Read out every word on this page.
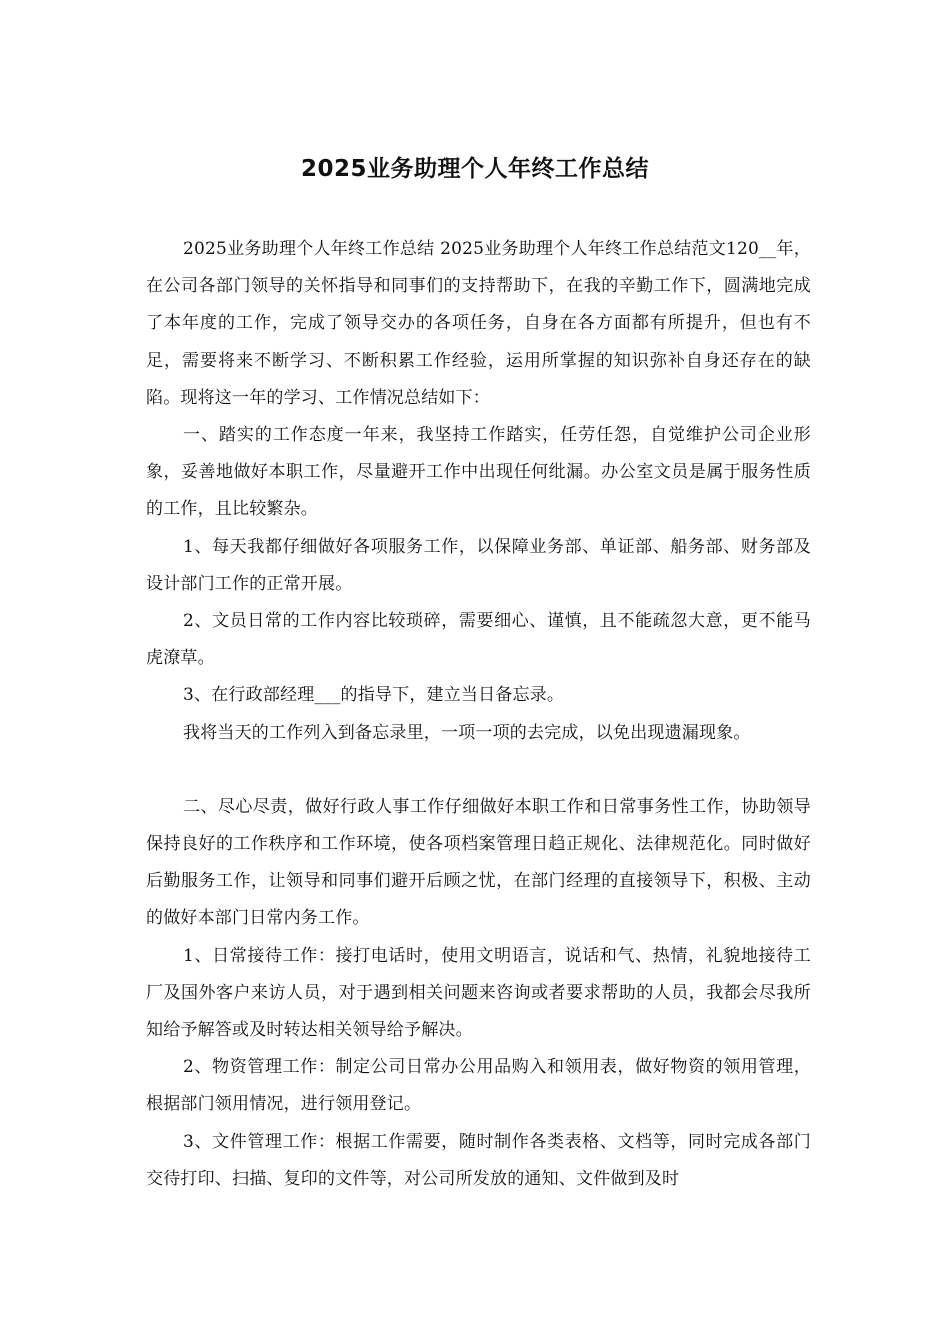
2025业务助理个人年终工作总结

2025业务助理个人年终工作总结 2025业务助理个人年终工作总结范文120__年，在公司各部门领导的关怀指导和同事们的支持帮助下，在我的辛勤工作下，圆满地完成了本年度的工作，完成了领导交办的各项任务，自身在各方面都有所提升，但也有不足，需要将来不断学习、不断积累工作经验，运用所掌握的知识弥补自身还存在的缺陷。现将这一年的学习、工作情况总结如下：

一、踏实的工作态度一年来，我坚持工作踏实，任劳任怨，自觉维护公司企业形象，妥善地做好本职工作，尽量避开工作中出现任何纰漏。办公室文员是属于服务性质的工作，且比较繁杂。

1、每天我都仔细做好各项服务工作，以保障业务部、单证部、船务部、财务部及设计部门工作的正常开展。

2、文员日常的工作内容比较琐碎，需要细心、谨慎，且不能疏忽大意，更不能马虎潦草。

3、在行政部经理___的指导下，建立当日备忘录。

我将当天的工作列入到备忘录里，一项一项的去完成，以免出现遗漏现象。

二、尽心尽责，做好行政人事工作仔细做好本职工作和日常事务性工作，协助领导保持良好的工作秩序和工作环境，使各项档案管理日趋正规化、法律规范化。同时做好后勤服务工作，让领导和同事们避开后顾之忧，在部门经理的直接领导下，积极、主动的做好本部门日常内务工作。

1、日常接待工作：接打电话时，使用文明语言，说话和气、热情，礼貌地接待工厂及国外客户来访人员，对于遇到相关问题来咨询或者要求帮助的人员，我都会尽我所知给予解答或及时转达相关领导给予解决。

2、物资管理工作：制定公司日常办公用品购入和领用表，做好物资的领用管理，根据部门领用情况，进行领用登记。

3、文件管理工作：根据工作需要，随时制作各类表格、文档等，同时完成各部门交待打印、扫描、复印的文件等，对公司所发放的通知、文件做到及时
